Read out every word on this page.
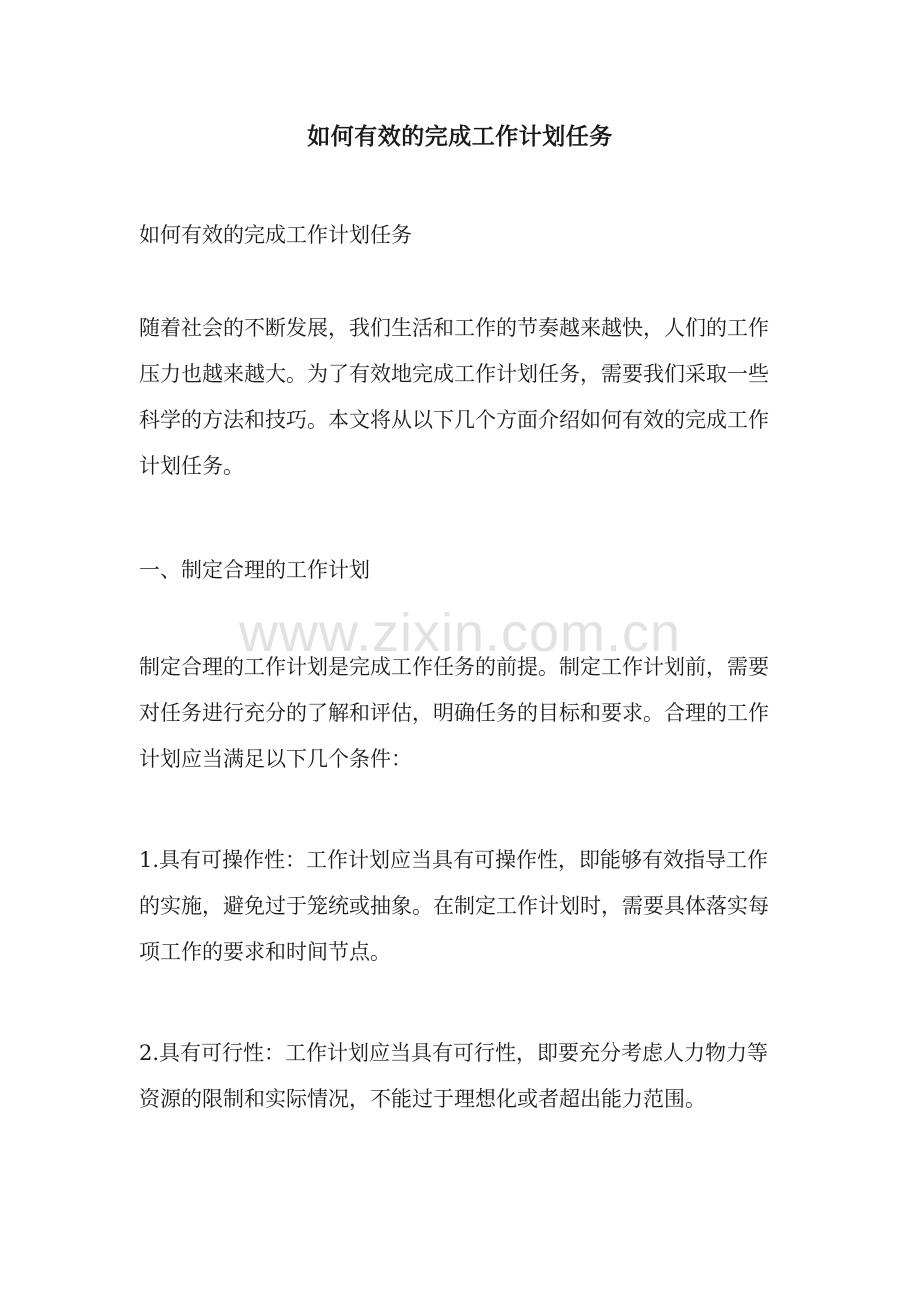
如何有效的完成工作计划任务

如何有效的完成工作计划任务

随着社会的不断发展，我们生活和工作的节奏越来越快，人们的工作
压力也越来越大。为了有效地完成工作计划任务，需要我们采取一些
科学的方法和技巧。本文将从以下几个方面介绍如何有效的完成工作
计划任务。

一、制定合理的工作计划

制定合理的工作计划是完成工作任务的前提。制定工作计划前，需要
对任务进行充分的了解和评估，明确任务的目标和要求。合理的工作
计划应当满足以下几个条件：

1.具有可操作性：工作计划应当具有可操作性，即能够有效指导工作
的实施，避免过于笼统或抽象。在制定工作计划时，需要具体落实每
项工作的要求和时间节点。

2.具有可行性：工作计划应当具有可行性，即要充分考虑人力物力等
资源的限制和实际情况，不能过于理想化或者超出能力范围。

www.zixin.com.cn
